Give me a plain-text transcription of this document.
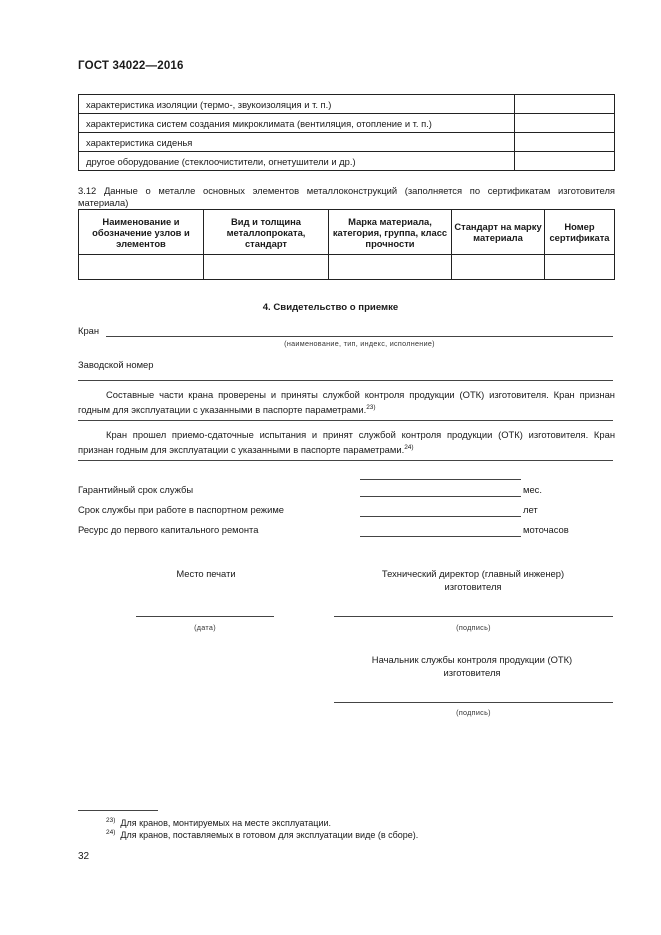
ГОСТ 34022—2016
характеристика изоляции (термо-, звукоизоляция и т. п.)	
характеристика систем создания микроклимата (вентиляция, отопление и т. п.)	
характеристика сиденья	
другое оборудование (стеклоочистители, огнетушители и др.)	
3.12 Данные о металле основных элементов металлоконструкций (заполняется по сертификатам изготовителя материала)
Наименование и обозначение узлов и элементов	Вид и толщина металлопроката, стандарт	Марка материала, категория, группа, класс прочности	Стандарт на марку материала	Номер сертификата

4. Свидетельство о приемке
Кран
(наименование, тип, индекс, исполнение)
Заводской номер
Составные части крана проверены и приняты службой контроля продукции (ОТК) изготовителя. Кран признан годным для эксплуатации с указанными в паспорте параметрами.$^{23)}$
Кран прошел приемо-сдаточные испытания и принят службой контроля продукции (ОТК) изготовителя. Кран признан годным для эксплуатации с указанными в паспорте параметрами.$^{24)}$
Гарантийный срок службы	мес.
Срок службы при работе в паспортном режиме	лет
Ресурс до первого капитального ремонта	моточасов
Место печати	Технический директор (главный инженер) изготовителя
(дата)	(подпись)
Начальник службы контроля продукции (ОТК) изготовителя
(подпись)
$^{23)}$ Для кранов, монтируемых на месте эксплуатации.
$^{24)}$ Для кранов, поставляемых в готовом для эксплуатации виде (в сборе).
32
